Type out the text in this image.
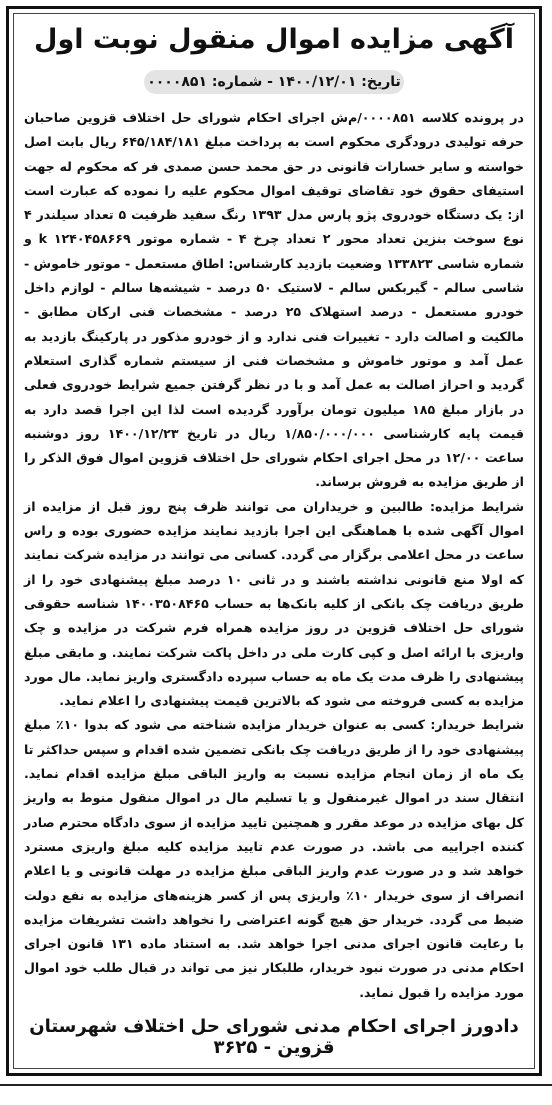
آگهی مزایده اموال منقول نوبت اول
تاریخ: ۱۴۰۰/۱۲/۰۱ - شماره: ۰۰۰۰۸۵۱

در پرونده کلاسه ۰۰۰۰۸۵۱/م‌ش اجرای احکام شورای حل اختلاف قزوین صاحبان حرفه تولیدی درودگری محکوم است به پرداخت مبلغ ۶۴۵/۱۸۴/۱۸۱ ریال بابت اصل خواسته و سایر خسارات قانونی در حق محمد حسن صمدی فر که محکوم له جهت استیفای حقوق خود تقاضای توقیف اموال محکوم علیه را نموده که عبارت است از: یک دستگاه خودروی پژو پارس مدل ۱۳۹۳ رنگ سفید ظرفیت ۵ تعداد سیلندر ۴ نوع سوخت بنزین تعداد محور ۲ تعداد چرخ ۴ - شماره موتور ۱۲۴۰۴۵۸۶۶۹ k و شماره شاسی ۱۳۳۸۲۳ وضعیت بازدید کارشناس: اطاق مستعمل - موتور خاموش - شاسی سالم - گیربکس سالم - لاستیک ۵۰ درصد - شیشه‌ها سالم - لوازم داخل خودرو مستعمل - درصد استهلاک ۲۵ درصد - مشخصات فنی ارکان مطابق - مالکیت و اصالت دارد - تغییرات فنی ندارد و از خودرو مذکور در پارکینگ بازدید به عمل آمد و موتور خاموش و مشخصات فنی از سیستم شماره گذاری استعلام گردید و احراز اصالت به عمل آمد و با در نظر گرفتن جمیع شرایط خودروی فعلی در بازار مبلغ ۱۸۵ میلیون تومان برآورد گردیده است لذا این اجرا قصد دارد به قیمت پایه کارشناسی ۱/۸۵۰/۰۰۰/۰۰۰ ریال در تاریخ ۱۴۰۰/۱۲/۲۳ روز دوشنبه ساعت ۱۲/۰۰ در محل اجرای احکام شورای حل اختلاف قزوین اموال فوق الذکر را از طریق مزایده به فروش برساند.

شرایط مزایده: طالبین و خریداران می توانند ظرف پنج روز قبل از مزایده از اموال آگهی شده با هماهنگی این اجرا بازدید نمایند مزایده حضوری بوده و راس ساعت در محل اعلامی برگزار می گردد. کسانی می توانند در مزایده شرکت نمایند که اولا منع قانونی نداشته باشند و در ثانی ۱۰ درصد مبلغ پیشنهادی خود را از طریق دریافت چک بانکی از کلیه بانک‌ها به حساب ۱۴۰۰۳۵۰۸۴۶۵ شناسه حقوقی شورای حل اختلاف قزوین در روز مزایده همراه فرم شرکت در مزایده و چک واریزی با ارائه اصل و کپی کارت ملی در داخل پاکت شرکت نمایند. و مابقی مبلغ پیشنهادی را ظرف مدت یک ماه به حساب سپرده دادگستری واریز نماید. مال مورد مزایده به کسی فروخته می شود که بالاترین قیمت پیشنهادی را اعلام نماید.

شرایط خریدار: کسی به عنوان خریدار مزایده شناخته می شود که بدوا ۱۰٪ مبلغ پیشنهادی خود را از طریق دریافت چک بانکی تضمین شده اقدام و سپس حداکثر تا یک ماه از زمان انجام مزایده نسبت به واریز الباقی مبلغ مزایده اقدام نماید. انتقال سند در اموال غیرمنقول و یا تسلیم مال در اموال منقول منوط به واریز کل بهای مزایده در موعد مقرر و همچنین تایید مزایده از سوی دادگاه محترم صادر کننده اجراییه می باشد. در صورت عدم تایید مزایده کلیه مبلغ واریزی مسترد خواهد شد و در صورت عدم واریز الباقی مبلغ مزایده در مهلت قانونی و یا اعلام انصراف از سوی خریدار ۱۰٪ واریزی پس از کسر هزینه‌های مزایده به نفع دولت ضبط می گردد. خریدار حق هیچ گونه اعتراضی را نخواهد داشت تشریفات مزایده با رعایت قانون اجرای مدنی اجرا خواهد شد. به استناد ماده ۱۳۱ قانون اجرای احکام مدنی در صورت نبود خریدار، طلبکار نیز می تواند در قبال طلب خود اموال مورد مزایده را قبول نماید.

دادورز اجرای احکام مدنی شورای حل اختلاف شهرستان قزوین - ۳۶۲۵
